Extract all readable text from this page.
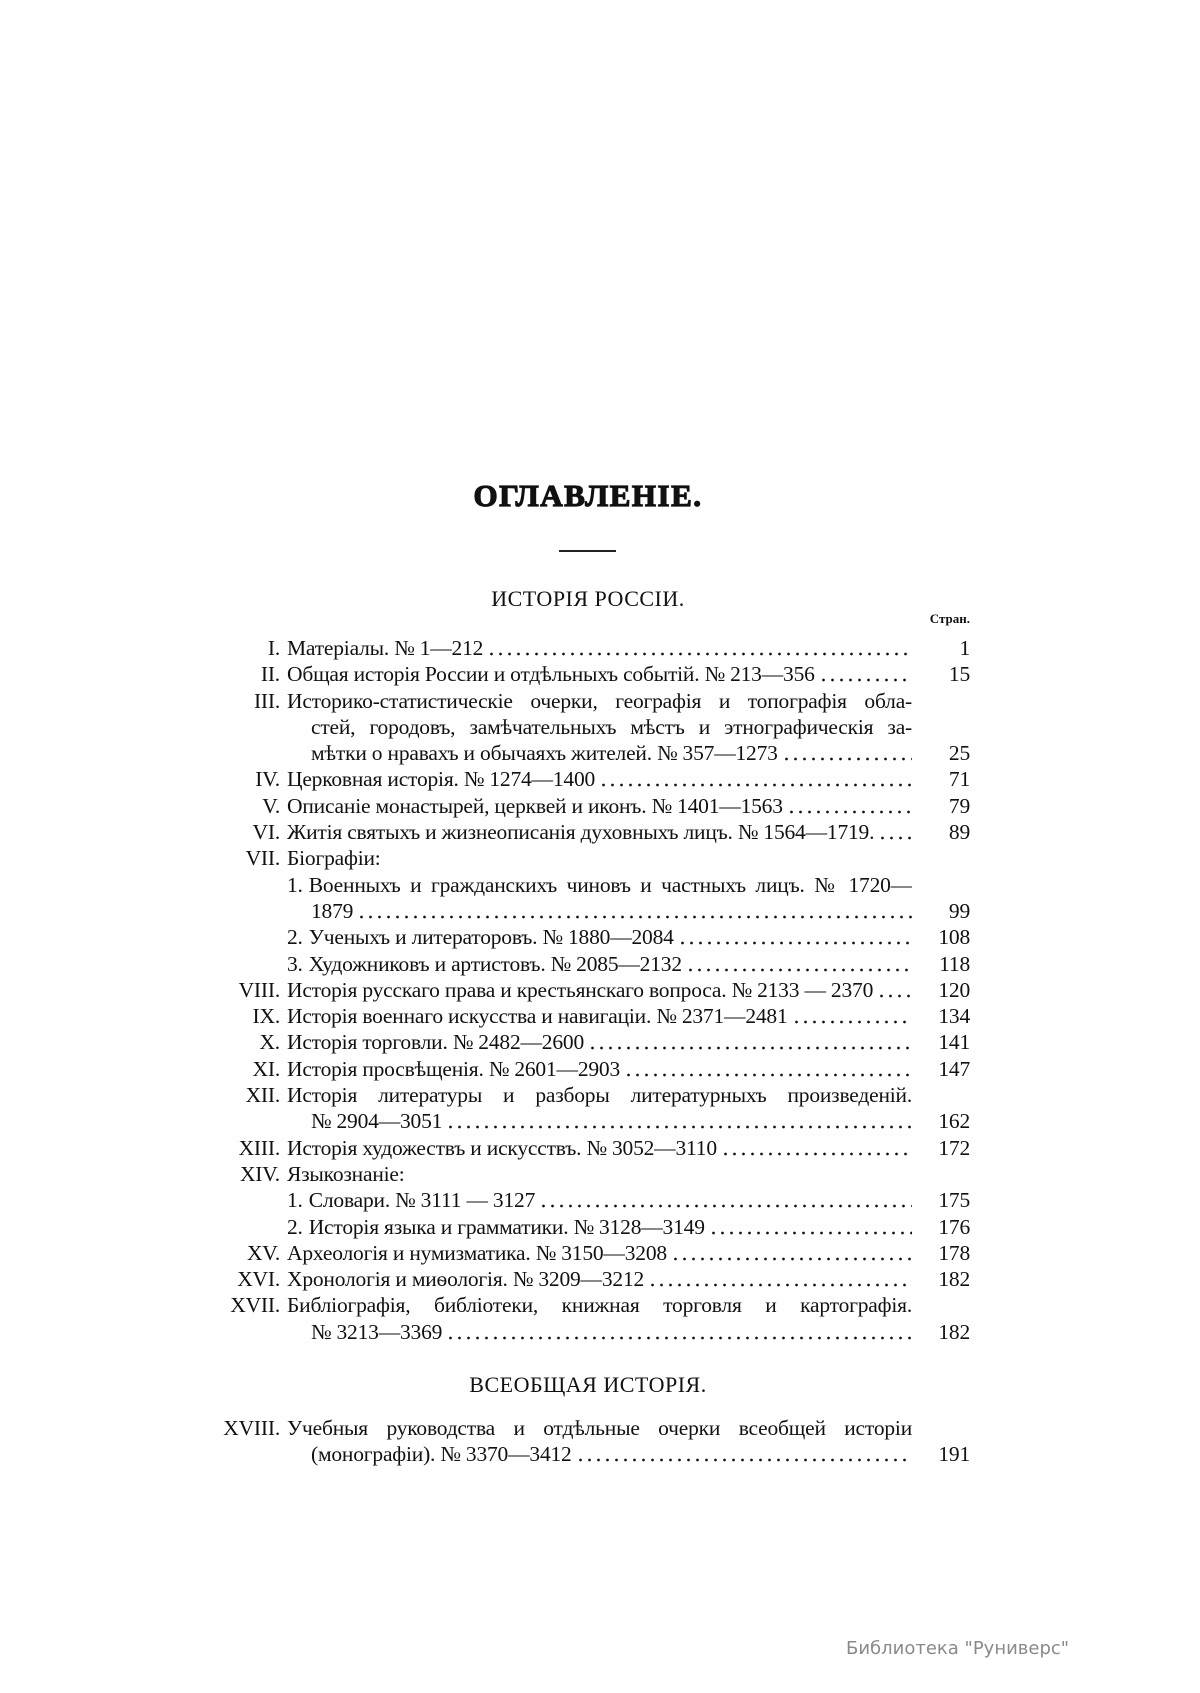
ОГЛАВЛЕНІЕ.
ИСТОРІЯ РОССІИ.
Стран.
I. Матеріалы. № 1—212	1
II. Общая исторія России и отдѣльныхъ событій. № 213—356	15
III. Историко-статистическіе очерки, географія и топографія обла-
стей, городовъ, замѣчательныхъ мѣстъ и этнографическія за-
мѣтки о нравахъ и обычаяхъ жителей. № 357—1273	25
IV. Церковная исторія. № 1274—1400	71
V. Описаніе монастырей, церквей и иконъ. № 1401—1563	79
VI. Житія святыхъ и жизнеописанія духовныхъ лицъ. № 1564—1719.	89
VII. Біографіи:
1. Военныхъ и гражданскихъ чиновъ и частныхъ лицъ. № 1720—
1879	99
2. Ученыхъ и литераторовъ. № 1880—2084	108
3. Художниковъ и артистовъ. № 2085—2132	118
VIII. Исторія русскаго права и крестьянскаго вопроса. № 2133 — 2370	120
IX. Исторія военнаго искусства и навигаціи. № 2371—2481	134
X. Исторія торговли. № 2482—2600	141
XI. Исторія просвѣщенія. № 2601—2903	147
XII. Исторія литературы и разборы литературныхъ произведеній.
№ 2904—3051	162
XIII. Исторія художествъ и искусствъ. № 3052—3110	172
XIV. Языкознаніе:
1. Словари. № 3111 — 3127	175
2. Исторія языка и грамматики. № 3128—3149	176
XV. Археологія и нумизматика. № 3150—3208	178
XVI. Хронологія и миѳологія. № 3209—3212	182
XVII. Библіографія, библіотеки, книжная торговля и картографія.
№ 3213—3369	182
ВСЕОБЩАЯ ИСТОРІЯ.
XVIII. Учебныя руководства и отдѣльные очерки всеобщей исторіи
(монографіи). № 3370—3412	191
Библиотека "Руниверс"
